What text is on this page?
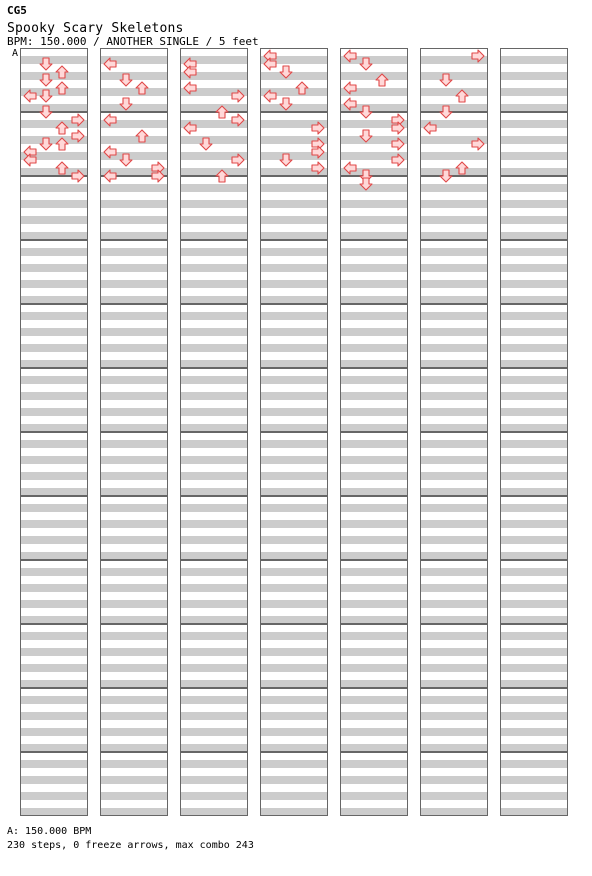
CG5
Spooky Scary Skeletons
BPM: 150.000 / ANOTHER SINGLE / 5 feet
A
A: 150.000 BPM
230 steps, 0 freeze arrows, max combo 243
